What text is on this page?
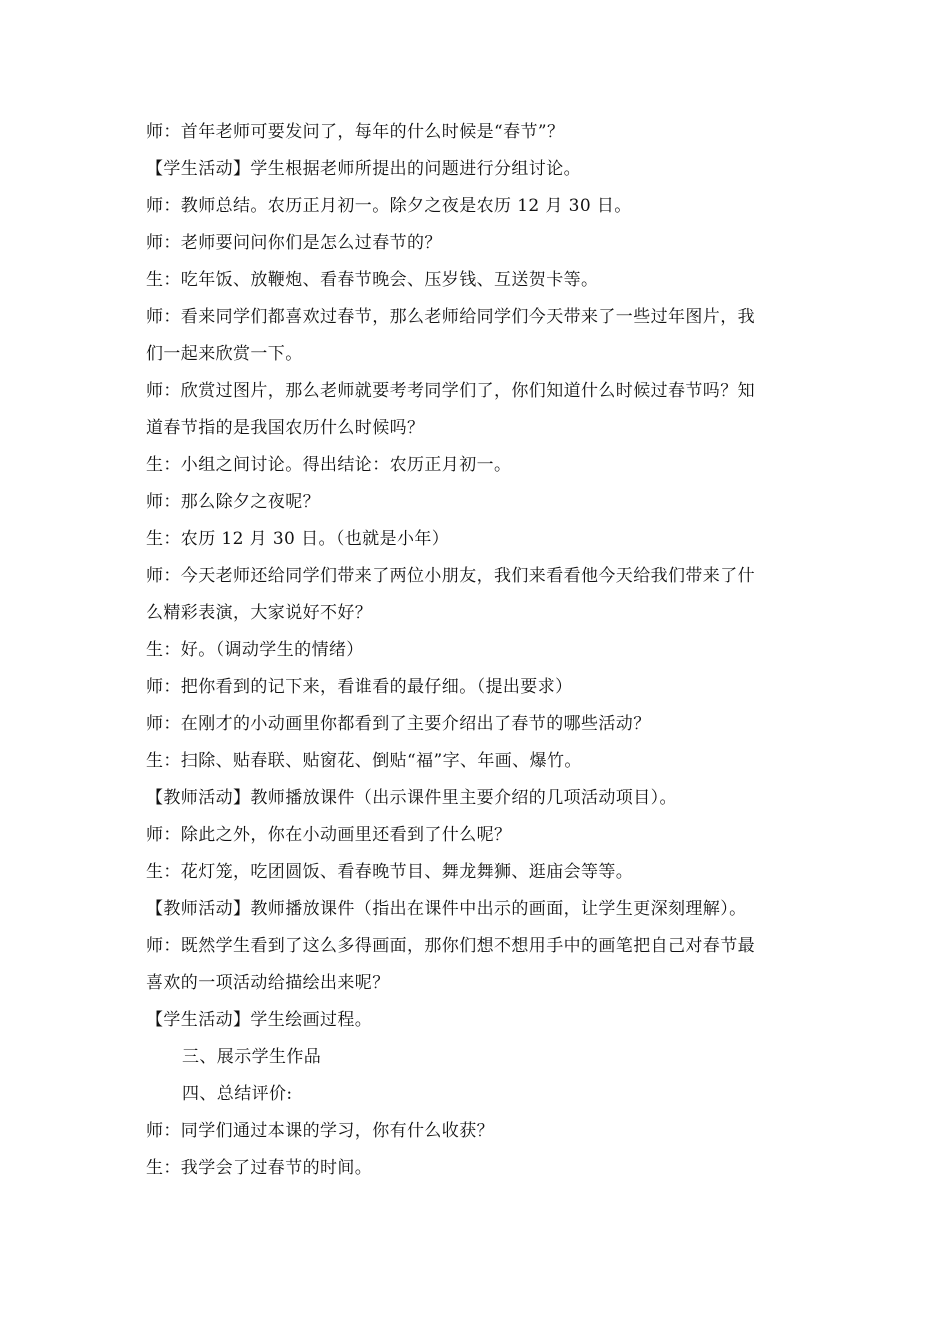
师：首年老师可要发问了，每年的什么时候是“春节”？
【学生活动】学生根据老师所提出的问题进行分组讨论。
师：教师总结。农历正月初一。除夕之夜是农历 12 月 30 日。
师：老师要问问你们是怎么过春节的？
生：吃年饭、放鞭炮、看春节晚会、压岁钱、互送贺卡等。
师：看来同学们都喜欢过春节，那么老师给同学们今天带来了一些过年图片，我
们一起来欣赏一下。
师：欣赏过图片，那么老师就要考考同学们了，你们知道什么时候过春节吗？知
道春节指的是我国农历什么时候吗？
生：小组之间讨论。得出结论：农历正月初一。
师：那么除夕之夜呢？
生：农历 12 月 30 日。（也就是小年）
师：今天老师还给同学们带来了两位小朋友，我们来看看他今天给我们带来了什
么精彩表演，大家说好不好？
生：好。（调动学生的情绪）
师：把你看到的记下来，看谁看的最仔细。（提出要求）
师：在刚才的小动画里你都看到了主要介绍出了春节的哪些活动？
生：扫除、贴春联、贴窗花、倒贴“福”字、年画、爆竹。
【教师活动】教师播放课件（出示课件里主要介绍的几项活动项目）。
师：除此之外，你在小动画里还看到了什么呢？
生：花灯笼，吃团圆饭、看春晚节目、舞龙舞狮、逛庙会等等。
【教师活动】教师播放课件（指出在课件中出示的画面，让学生更深刻理解）。
师：既然学生看到了这么多得画面，那你们想不想用手中的画笔把自己对春节最
喜欢的一项活动给描绘出来呢？
【学生活动】学生绘画过程。
三、展示学生作品
四、总结评价:
师：同学们通过本课的学习，你有什么收获？
生：我学会了过春节的时间。
